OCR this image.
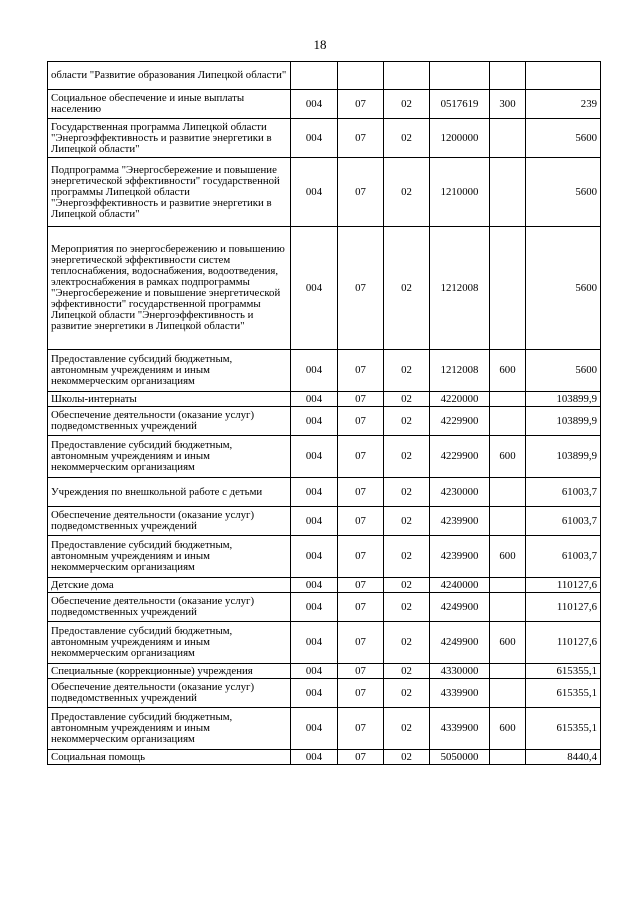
18
области "Развитие образования Липецкой области"						
Социальное обеспечение и иные выплаты населению	004	07	02	0517619	300	239
Государственная программа Липецкой области "Энергоэффективность и развитие энергетики в Липецкой области"	004	07	02	1200000		5600
Подпрограмма "Энергосбережение и повышение энергетической эффективности" государственной программы Липецкой области "Энергоэффективность и развитие энергетики в Липецкой области"	004	07	02	1210000		5600
Мероприятия по энергосбережению и повышению энергетической эффективности систем теплоснабжения, водоснабжения, водоотведения, электроснабжения в рамках подпрограммы "Энергосбережение и повышение энергетической эффективности" государственной программы Липецкой области "Энергоэффективность и развитие энергетики в Липецкой области"	004	07	02	1212008		5600
Предоставление субсидий бюджетным, автономным учреждениям и иным некоммерческим организациям	004	07	02	1212008	600	5600
Школы-интернаты	004	07	02	4220000		103899,9
Обеспечение деятельности (оказание услуг) подведомственных учреждений	004	07	02	4229900		103899,9
Предоставление субсидий бюджетным, автономным учреждениям и иным некоммерческим организациям	004	07	02	4229900	600	103899,9
Учреждения по внешкольной работе с детьми	004	07	02	4230000		61003,7
Обеспечение деятельности (оказание услуг) подведомственных учреждений	004	07	02	4239900		61003,7
Предоставление субсидий бюджетным, автономным учреждениям и иным некоммерческим организациям	004	07	02	4239900	600	61003,7
Детские дома	004	07	02	4240000		110127,6
Обеспечение деятельности (оказание услуг) подведомственных учреждений	004	07	02	4249900		110127,6
Предоставление субсидий бюджетным, автономным учреждениям и иным некоммерческим организациям	004	07	02	4249900	600	110127,6
Специальные (коррекционные) учреждения	004	07	02	4330000		615355,1
Обеспечение деятельности (оказание услуг) подведомственных учреждений	004	07	02	4339900		615355,1
Предоставление субсидий бюджетным, автономным учреждениям и иным некоммерческим организациям	004	07	02	4339900	600	615355,1
Социальная помощь	004	07	02	5050000		8440,4
